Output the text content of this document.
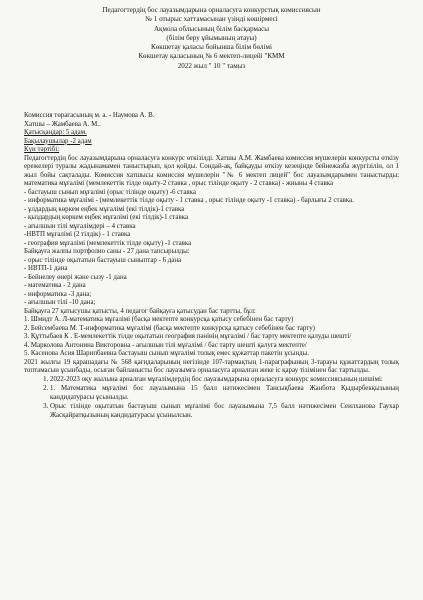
Педагогтердің бос лауазымдарына орналасуға конкурстық комиссиясын
№ 1 отырыс хаттамасынан үзінді көшірмесі
Ақмола облысының білім басқармасы
(білім беру ұйымының атауы)
Көкшетау қаласы бойынша білім бөлімі
Көкшетау қаласының № 6 мектеп-лицейі "КММ
2022 жыл " 10 " тамыз

Комиссия төрағасының м. а. - Наумова А. В.

Хатшы – Жамбаева А. М..

Қатысқандар: 5 адам.

Бақылаушылар -2 адам

Күн тәртібі:

Педагогтердің бос лауазымдарына орналасуға конкурс өткізілді. Хатшы А.М. Жамбаева комиссия мүшелерін конкурсты өткізу ережелері туралы жадынамамен таныстырып, қол қойды. Сондай-ақ, байқауды өткізу кезеңінде бейнежазба жүргізілін, ол 1 жыл бойы сақталады. Комиссия хатшысы комиссия мүшелерін "№ 6 мектеп лицей" бос лауазымдарымен таныстырды: математика мұғалімі (мемлекеттік тілде оқыту-2 ставка , орыс тілінде оқыту - 2 ставка) - жиыны 4 ставка

- бастауыш сынып мұғалімі (орыс тілінде оқыту) -6 ставка

- информатика мұғалімі - (мемлекеттік тілде оқыту - 1 ставка , орыс тілінде оқыту -1 ставка) - барлығы 2 ставка.

- ұлдардың көркем еңбек мұғалімі (екі тілдік)-1 ставка

- қыздардың көркем еңбек мұғалімі (екі тілдік)-1 ставка

- ағылшын тілі мұғалімдері – 4 ставка

-НВТП мұғалімі (2 тілдік) - 1 ставка

- география мұғалімі (мемлекеттік тілде оқыту) -1 ставка

Байқауға жалпы портфолио саны - 27 дана тапсырылды:

- орыс тілінде оқытатын бастауыш сыныптар - 6 дана

- НВТП-1 дана

- Бейнелеу өнері және сызу -1 дана

- математика - 2 дана

- информатика -3 дана;

- ағылшын тілі -10 дана;

Байқауға 27 қатысушы қатысты, 4 педагог байқауға қатысудан бас тартты, бұл:

1. Шмидт А. Л-математика мұғалімі (басқа мектепте конкурсқа қатысу себебінен бас тарту)

2. Бейсембаева М. Т-информатика мұғалімі (басқа мектепте конкурсқа қатысу себебінен бас тарту)

3. Құттыбаев К . Е-мемлекеттік тілде оқытатын география пәнінің мұғалімі / бас тарту мектепте қалуды шешті/

4. Марколова Антонина Викторовна - ағылшын тілі мұғалімі / бас тарту шешті қалуға мектепте/

5. Касенова Асия Шарипбаевна бастауыш сынып мұғалімі толық емес құжаттар пакетін ұсынды.

2021 жылғы 19 қарашадағы № 568 қағидаларының негізінде 107-тармақтың 1-параграфының 3-тарауы құжаттардың толық топтамасын ұсынбады, осыған байланысты бос лауазымға орналасуға арналған жеке іс қарау тізімінен бас тартылды.

1. 2022-2023 оқу жылына арналған мұғалімдердің бос лауазымдарына орналасуға конкурс комиссиясының шешімі:
2. 1. Математика мұғалімі бос лауазымына 15 балл нәтижесімен Тансықбаева Жанбота Қыдырбекқызының кандидатурасы ұсынылды.
3. Орыс тілінде оқытатын бастауыш сынып мұғалімі бос лауазымына 7,5 балл нәтижесімен Сеилханова Гаухар Жасқайратқызының кандидатурасы ұсынылсын.
